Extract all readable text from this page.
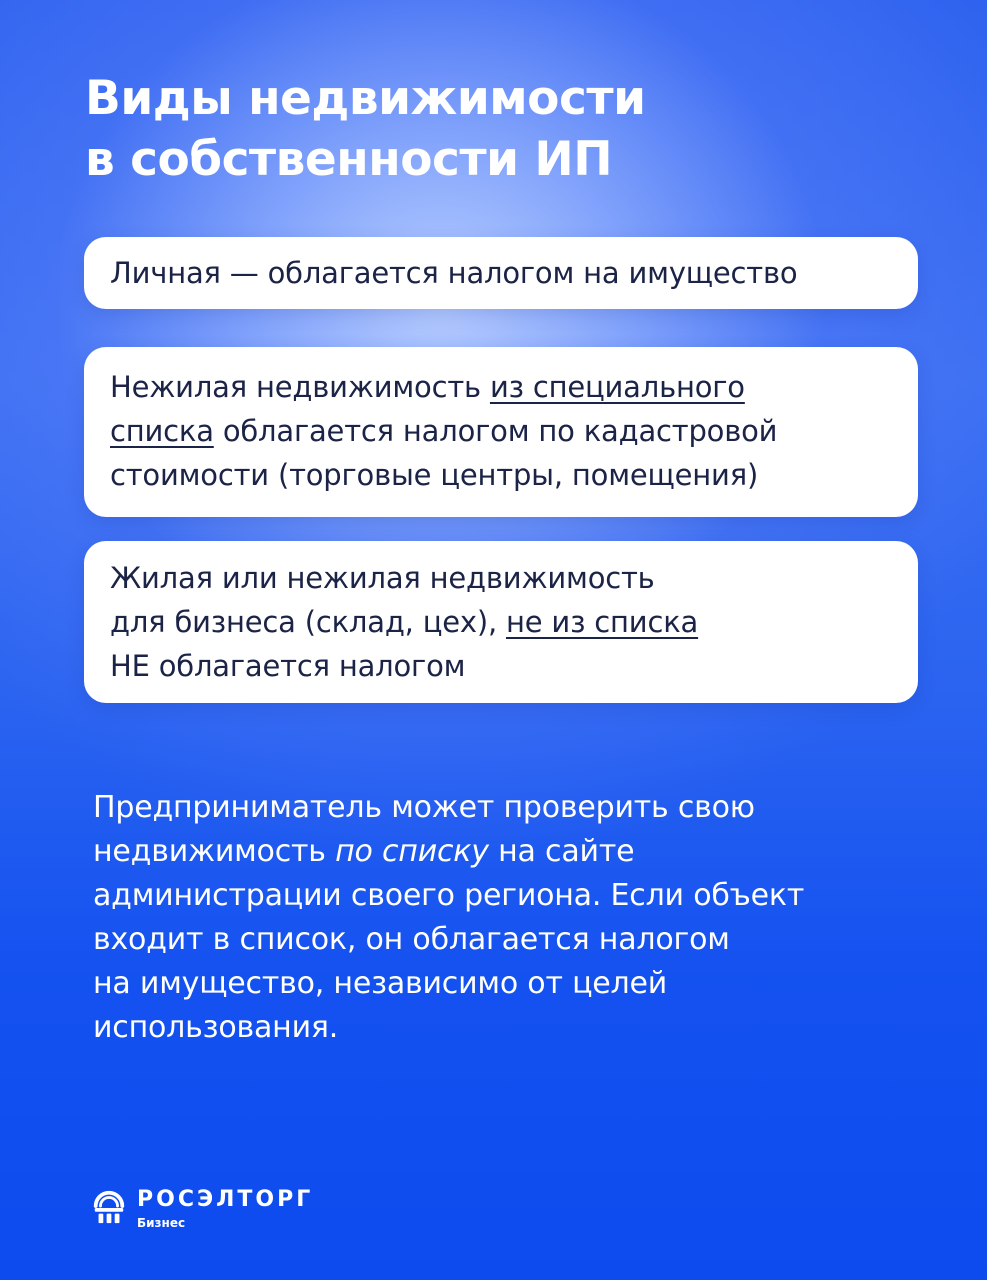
Виды недвижимости
в собственности ИП
Личная — облагается налогом на имущество
Нежилая недвижимость из специального
списка облагается налогом по кадастровой
стоимости (торговые центры, помещения)
Жилая или нежилая недвижимость
для бизнеса (склад, цех), не из списка
НЕ облагается налогом
Предприниматель может проверить свою
недвижимость по списку на сайте
администрации своего региона. Если объект
входит в список, он облагается налогом
на имущество, независимо от целей
использования.
РОСЭЛТОРГ
Бизнес
